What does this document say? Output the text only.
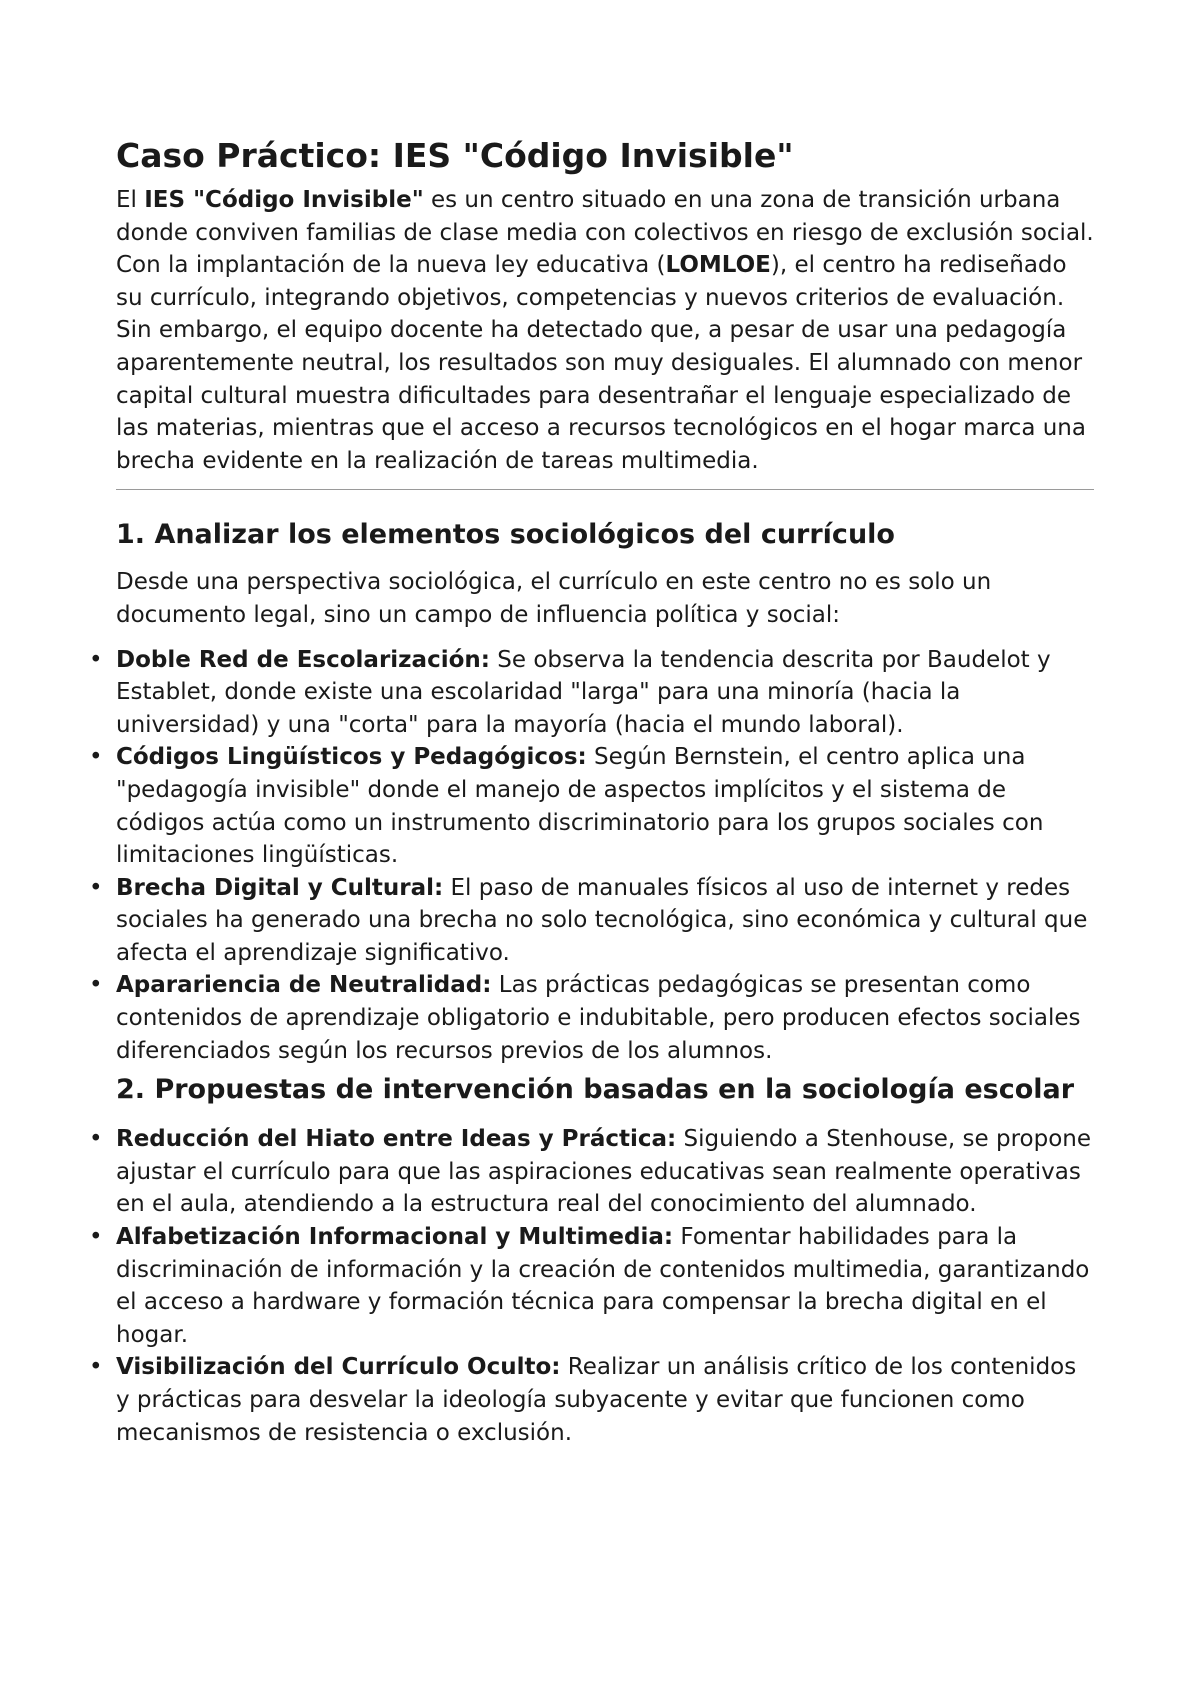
Caso Práctico: IES "Código Invisible"

El IES "Código Invisible" es un centro situado en una zona de transición urbana donde conviven familias de clase media con colectivos en riesgo de exclusión social. Con la implantación de la nueva ley educativa (LOMLOE), el centro ha rediseñado su currículo, integrando objetivos, competencias y nuevos criterios de evaluación. Sin embargo, el equipo docente ha detectado que, a pesar de usar una pedagogía aparentemente neutral, los resultados son muy desiguales. El alumnado con menor capital cultural muestra dificultades para desentrañar el lenguaje especializado de las materias, mientras que el acceso a recursos tecnológicos en el hogar marca una brecha evidente en la realización de tareas multimedia.

1. Analizar los elementos sociológicos del currículo

Desde una perspectiva sociológica, el currículo en este centro no es solo un documento legal, sino un campo de influencia política y social:

• Doble Red de Escolarización: Se observa la tendencia descrita por Baudelot y Establet, donde existe una escolaridad "larga" para una minoría (hacia la universidad) y una "corta" para la mayoría (hacia el mundo laboral).
• Códigos Lingüísticos y Pedagógicos: Según Bernstein, el centro aplica una "pedagogía invisible" donde el manejo de aspectos implícitos y el sistema de códigos actúa como un instrumento discriminatorio para los grupos sociales con limitaciones lingüísticas.
• Brecha Digital y Cultural: El paso de manuales físicos al uso de internet y redes sociales ha generado una brecha no solo tecnológica, sino económica y cultural que afecta el aprendizaje significativo.
• Aparariencia de Neutralidad: Las prácticas pedagógicas se presentan como contenidos de aprendizaje obligatorio e indubitable, pero producen efectos sociales diferenciados según los recursos previos de los alumnos.
2. Propuestas de intervención basadas en la sociología escolar
• Reducción del Hiato entre Ideas y Práctica: Siguiendo a Stenhouse, se propone ajustar el currículo para que las aspiraciones educativas sean realmente operativas en el aula, atendiendo a la estructura real del conocimiento del alumnado.
• Alfabetización Informacional y Multimedia: Fomentar habilidades para la discriminación de información y la creación de contenidos multimedia, garantizando el acceso a hardware y formación técnica para compensar la brecha digital en el hogar.
• Visibilización del Currículo Oculto: Realizar un análisis crítico de los contenidos y prácticas para desvelar la ideología subyacente y evitar que funcionen como mecanismos de resistencia o exclusión.
